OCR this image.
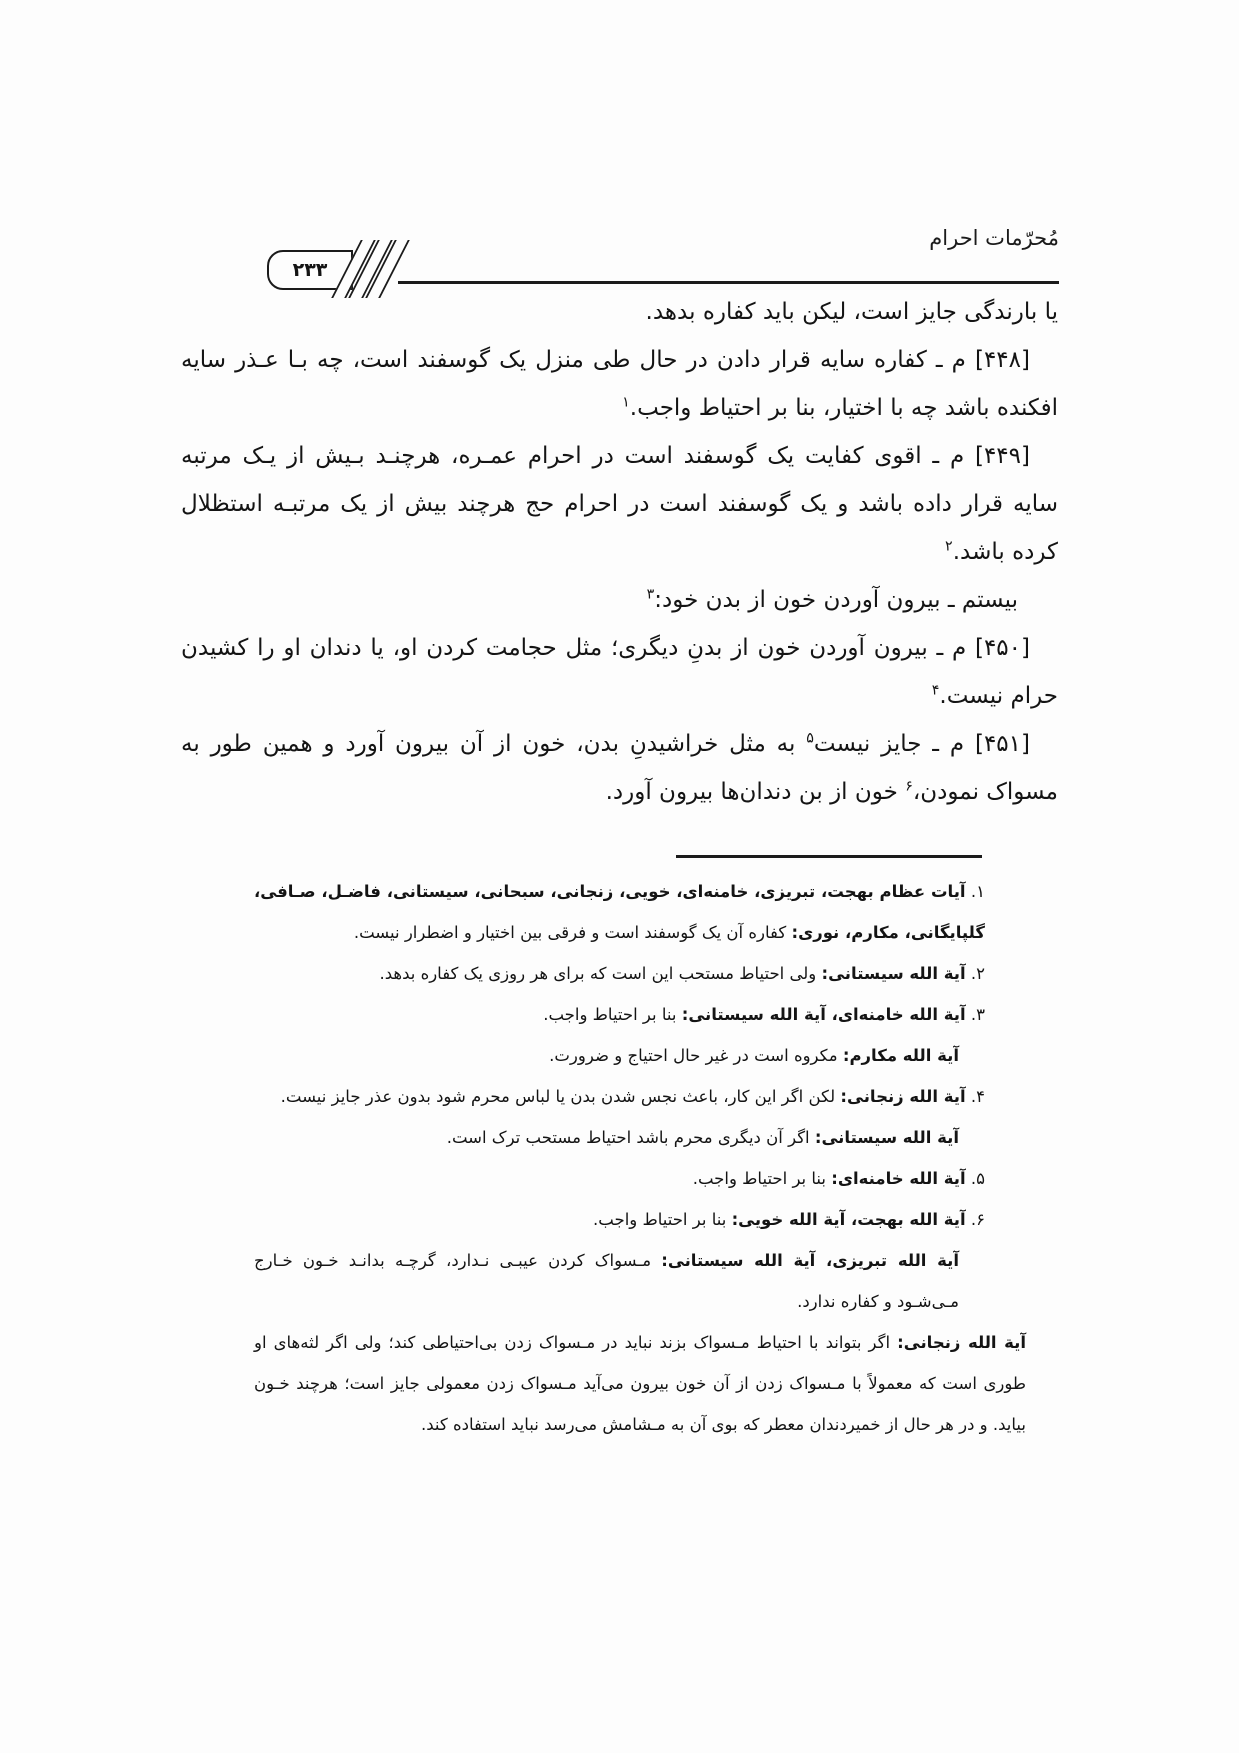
مُحرّمات احرام
۲۳۳

یا بارندگی جایز است، لیکن باید کفاره بدهد.

[۴۴۸] م ـ کفاره سایه قرار دادن در حال طی منزل یک گوسفند است، چه بـا عـذر سایه افکنده باشد چه با اختیار، بنا بر احتیاط واجب.$^۱$

[۴۴۹] م ـ اقوی کفایت یک گوسفند است در احرام عمـره، هرچنـد بـیش از یـک مرتبه سایه قرار داده باشد و یک گوسفند است در احرام حج هرچند بیش از یک مرتبـه استظلال کرده باشد.$^۲$

بیستم ـ بیرون آوردن خون از بدن خود:$^۳$

[۴۵۰] م ـ بیرون آوردن خون از بدنِ دیگری؛ مثل حجامت کردن او، یا دندان او را کشیدن حرام نیست.$^۴$

[۴۵۱] م ـ جایز نیست$^۵$ به مثل خراشیدنِ بدن، خون از آن بیرون آورد و همین طور به مسواک نمودن،$^۶$ خون از بن دندان‌ها بیرون آورد.

۱. آیات عظام بهجت، تبریزی، خامنه‌ای، خویی، زنجانی، سبحانی، سیستانی، فاضـل، صـافی، گلپایگانی، مکارم، نوری: کفاره آن یک گوسفند است و فرقی بین اختیار و اضطرار نیست.

۲. آیة الله سیستانی: ولی احتیاط مستحب این است که برای هر روزی یک کفاره بدهد.

۳. آیة الله خامنه‌ای، آیة الله سیستانی: بنا بر احتیاط واجب.

آیة الله مکارم: مکروه است در غیر حال احتیاج و ضرورت.

۴. آیة الله زنجانی: لکن اگر این کار، باعث نجس شدن بدن یا لباس محرم شود بدون عذر جایز نیست.

آیة الله سیستانی: اگر آن دیگری محرم باشد احتیاط مستحب ترک است.

۵. آیة الله خامنه‌ای: بنا بر احتیاط واجب.

۶. آیة الله بهجت، آیة الله خویی: بنا بر احتیاط واجب.

آیة الله تبریزی، آیة الله سیستانی: مـسواک کردن عیبـی نـدارد، گرچـه بدانـد خـون خـارج مـی‌شـود و کفاره ندارد.

آیة الله زنجانی: اگر بتواند با احتیاط مـسواک بزند نباید در مـسواک زدن بی‌احتیاطی کند؛ ولی اگر لثه‌های او طوری است که معمولاً با مـسواک زدن از آن خون بیرون می‌آید مـسواک زدن معمولی جایز است؛ هرچند خـون بیاید. و در هر حال از خمیردندان معطر که بوی آن به مـشامش می‌رسد نباید استفاده کند.
